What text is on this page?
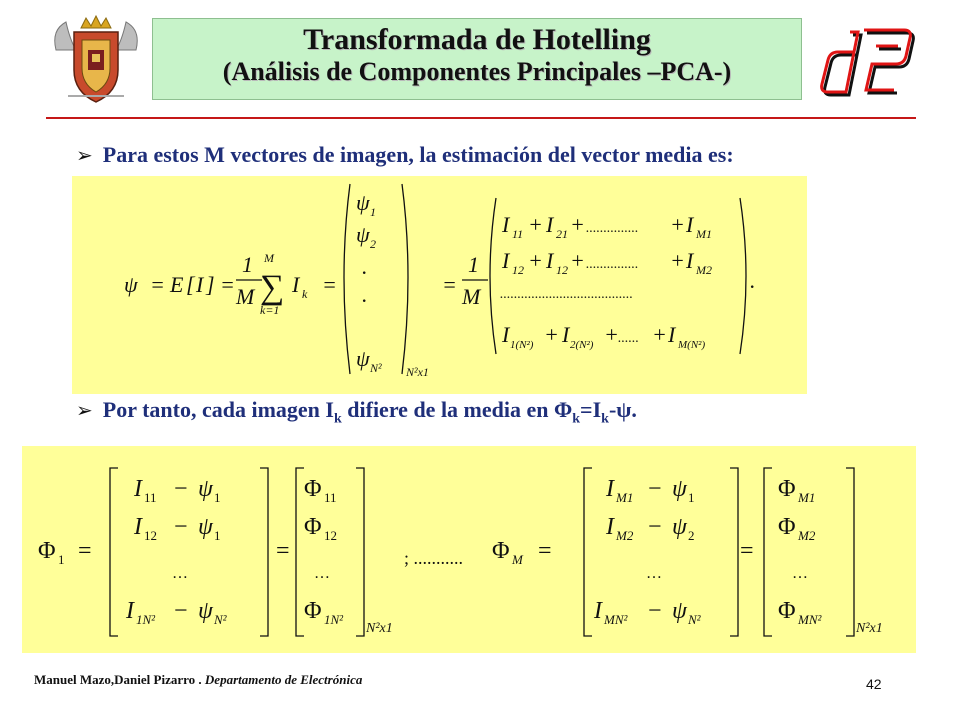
Transformada de Hotelling
(Análisis de Componentes Principales –PCA-)
➢ Para estos M vectores de imagen, la estimación del vector media es:
ψ = E [ I ] =
1
M
M
∑
k=1
I k =
ψ 1
ψ 2
.
.
ψ N² N²x1
=
1
M
I 11 + I 21 + ............... + I M1
I 12 + I 12 + ............... + I M2
......................................
I 1(N²) + I 2(N²) + ...... + I M(N²)
.
➢ Por tanto, cada imagen $I_k$ difiere de la media en $\Phi_k=I_k-\psi$.
Φ 1 =
I 11 − ψ 1
I 12 − ψ 1
…
I 1N² − ψ N²
=
Φ 11
Φ 12
…
Φ 1N²
N²x1
; ........... Φ M =
I M1 − ψ 1
I M2 − ψ 2
…
I MN² − ψ N²
=
Φ M1
Φ M2
…
Φ MN²
N²x1
Manuel Mazo,Daniel Pizarro . Departamento de Electrónica	42
